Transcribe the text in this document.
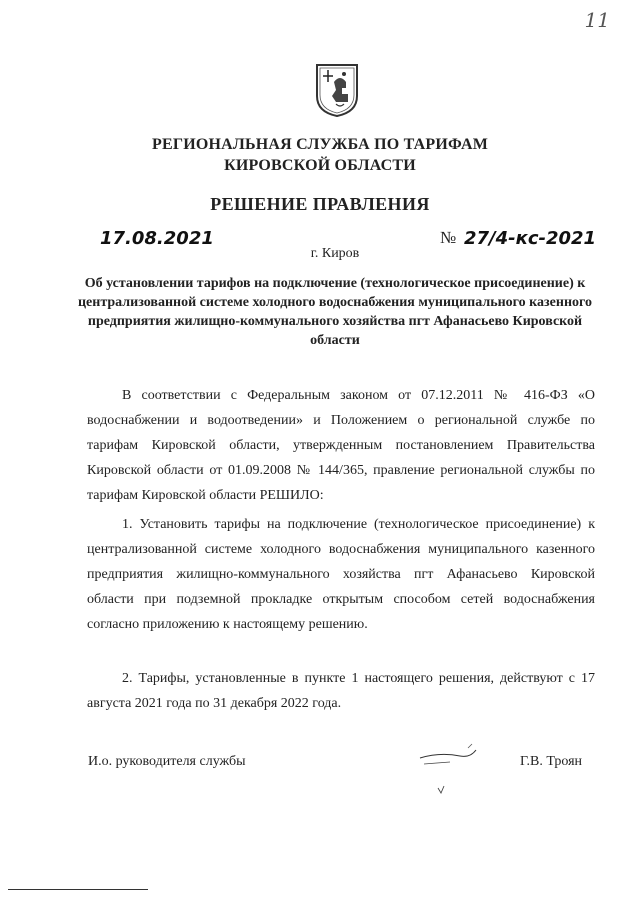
11
РЕГИОНАЛЬНАЯ СЛУЖБА ПО ТАРИФАМ
КИРОВСКОЙ ОБЛАСТИ
РЕШЕНИЕ ПРАВЛЕНИЯ
17.08.2021	№ 27/4-кс-2021
г. Киров
Об установлении тарифов на подключение (технологическое присоединение) к централизованной системе холодного водоснабжения муниципального казенного предприятия жилищно-коммунального хозяйства пгт Афанасьево Кировской области
В соответствии с Федеральным законом от 07.12.2011 № 416-ФЗ «О водоснабжении и водоотведении» и Положением о региональной службе по тарифам Кировской области, утвержденным постановлением Правительства Кировской области от 01.09.2008 № 144/365, правление региональной службы по тарифам Кировской области РЕШИЛО:
1. Установить тарифы на подключение (технологическое присоединение) к централизованной системе холодного водоснабжения муниципального казенного предприятия жилищно-коммунального хозяйства пгт Афанасьево Кировской области при подземной прокладке открытым способом сетей водоснабжения согласно приложению к настоящему решению.
2. Тарифы, установленные в пункте 1 настоящего решения, действуют с 17 августа 2021 года по 31 декабря 2022 года.
И.о. руководителя службы	Г.В. Троян
